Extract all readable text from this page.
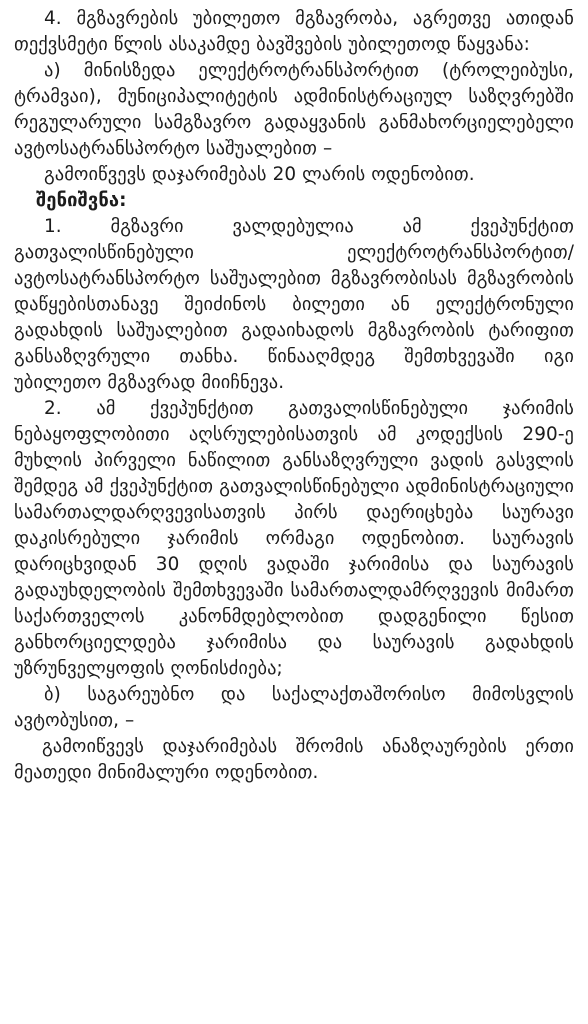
4. მგზავრების უბილეთო მგზავრობა, აგრეთვე ათიდან თექვსმეტი წლის ასაკამდე ბავშვების უბილეთოდ წაყვანა:

ა) მინისზედა ელექტროტრანსპორტით (ტროლეიბუსი, ტრამვაი), მუნიციპალიტეტის ადმინისტრაციულ საზღვრებში რეგულარული სამგზავრო გადაყვანის განმახორციელებელი ავტოსატრანსპორტო საშუალებით –

გამოიწვევს დაჯარიმებას 20 ლარის ოდენობით.

შენიშვნა:

1. მგზავრი ვალდებულია ამ ქვეპუნქტით გათვალისწინებული ელექტროტრანსპორტით/ ავტოსატრანსპორტო საშუალებით მგზავრობისას მგზავრობის დაწყებისთანავე შეიძინოს ბილეთი ან ელექტრონული გადახდის საშუალებით გადაიხადოს მგზავრობის ტარიფით განსაზღვრული თანხა. წინააღმდეგ შემთხვევაში იგი უბილეთო მგზავრად მიიჩნევა.

2. ამ ქვეპუნქტით გათვალისწინებული ჯარიმის ნებაყოფლობითი აღსრულებისათვის ამ კოდექსის 290-ე მუხლის პირველი ნაწილით განსაზღვრული ვადის გასვლის შემდეგ ამ ქვეპუნქტით გათვალისწინებული ადმინისტრაციული სამართალდარღვევისათვის პირს დაერიცხება საურავი დაკისრებული ჯარიმის ორმაგი ოდენობით. საურავის დარიცხვიდან 30 დღის ვადაში ჯარიმისა და საურავის გადაუხდელობის შემთხვევაში სამართალდამრღვევის მიმართ საქართველოს კანონმდებლობით დადგენილი წესით განხორციელდება ჯარიმისა და საურავის გადახდის უზრუნველყოფის ღონისძიება;

ბ) საგარეუბნო და საქალაქთაშორისო მიმოსვლის ავტობუსით, –

გამოიწვევს დაჯარიმებას შრომის ანაზღაურების ერთი მეათედი მინიმალური ოდენობით.
